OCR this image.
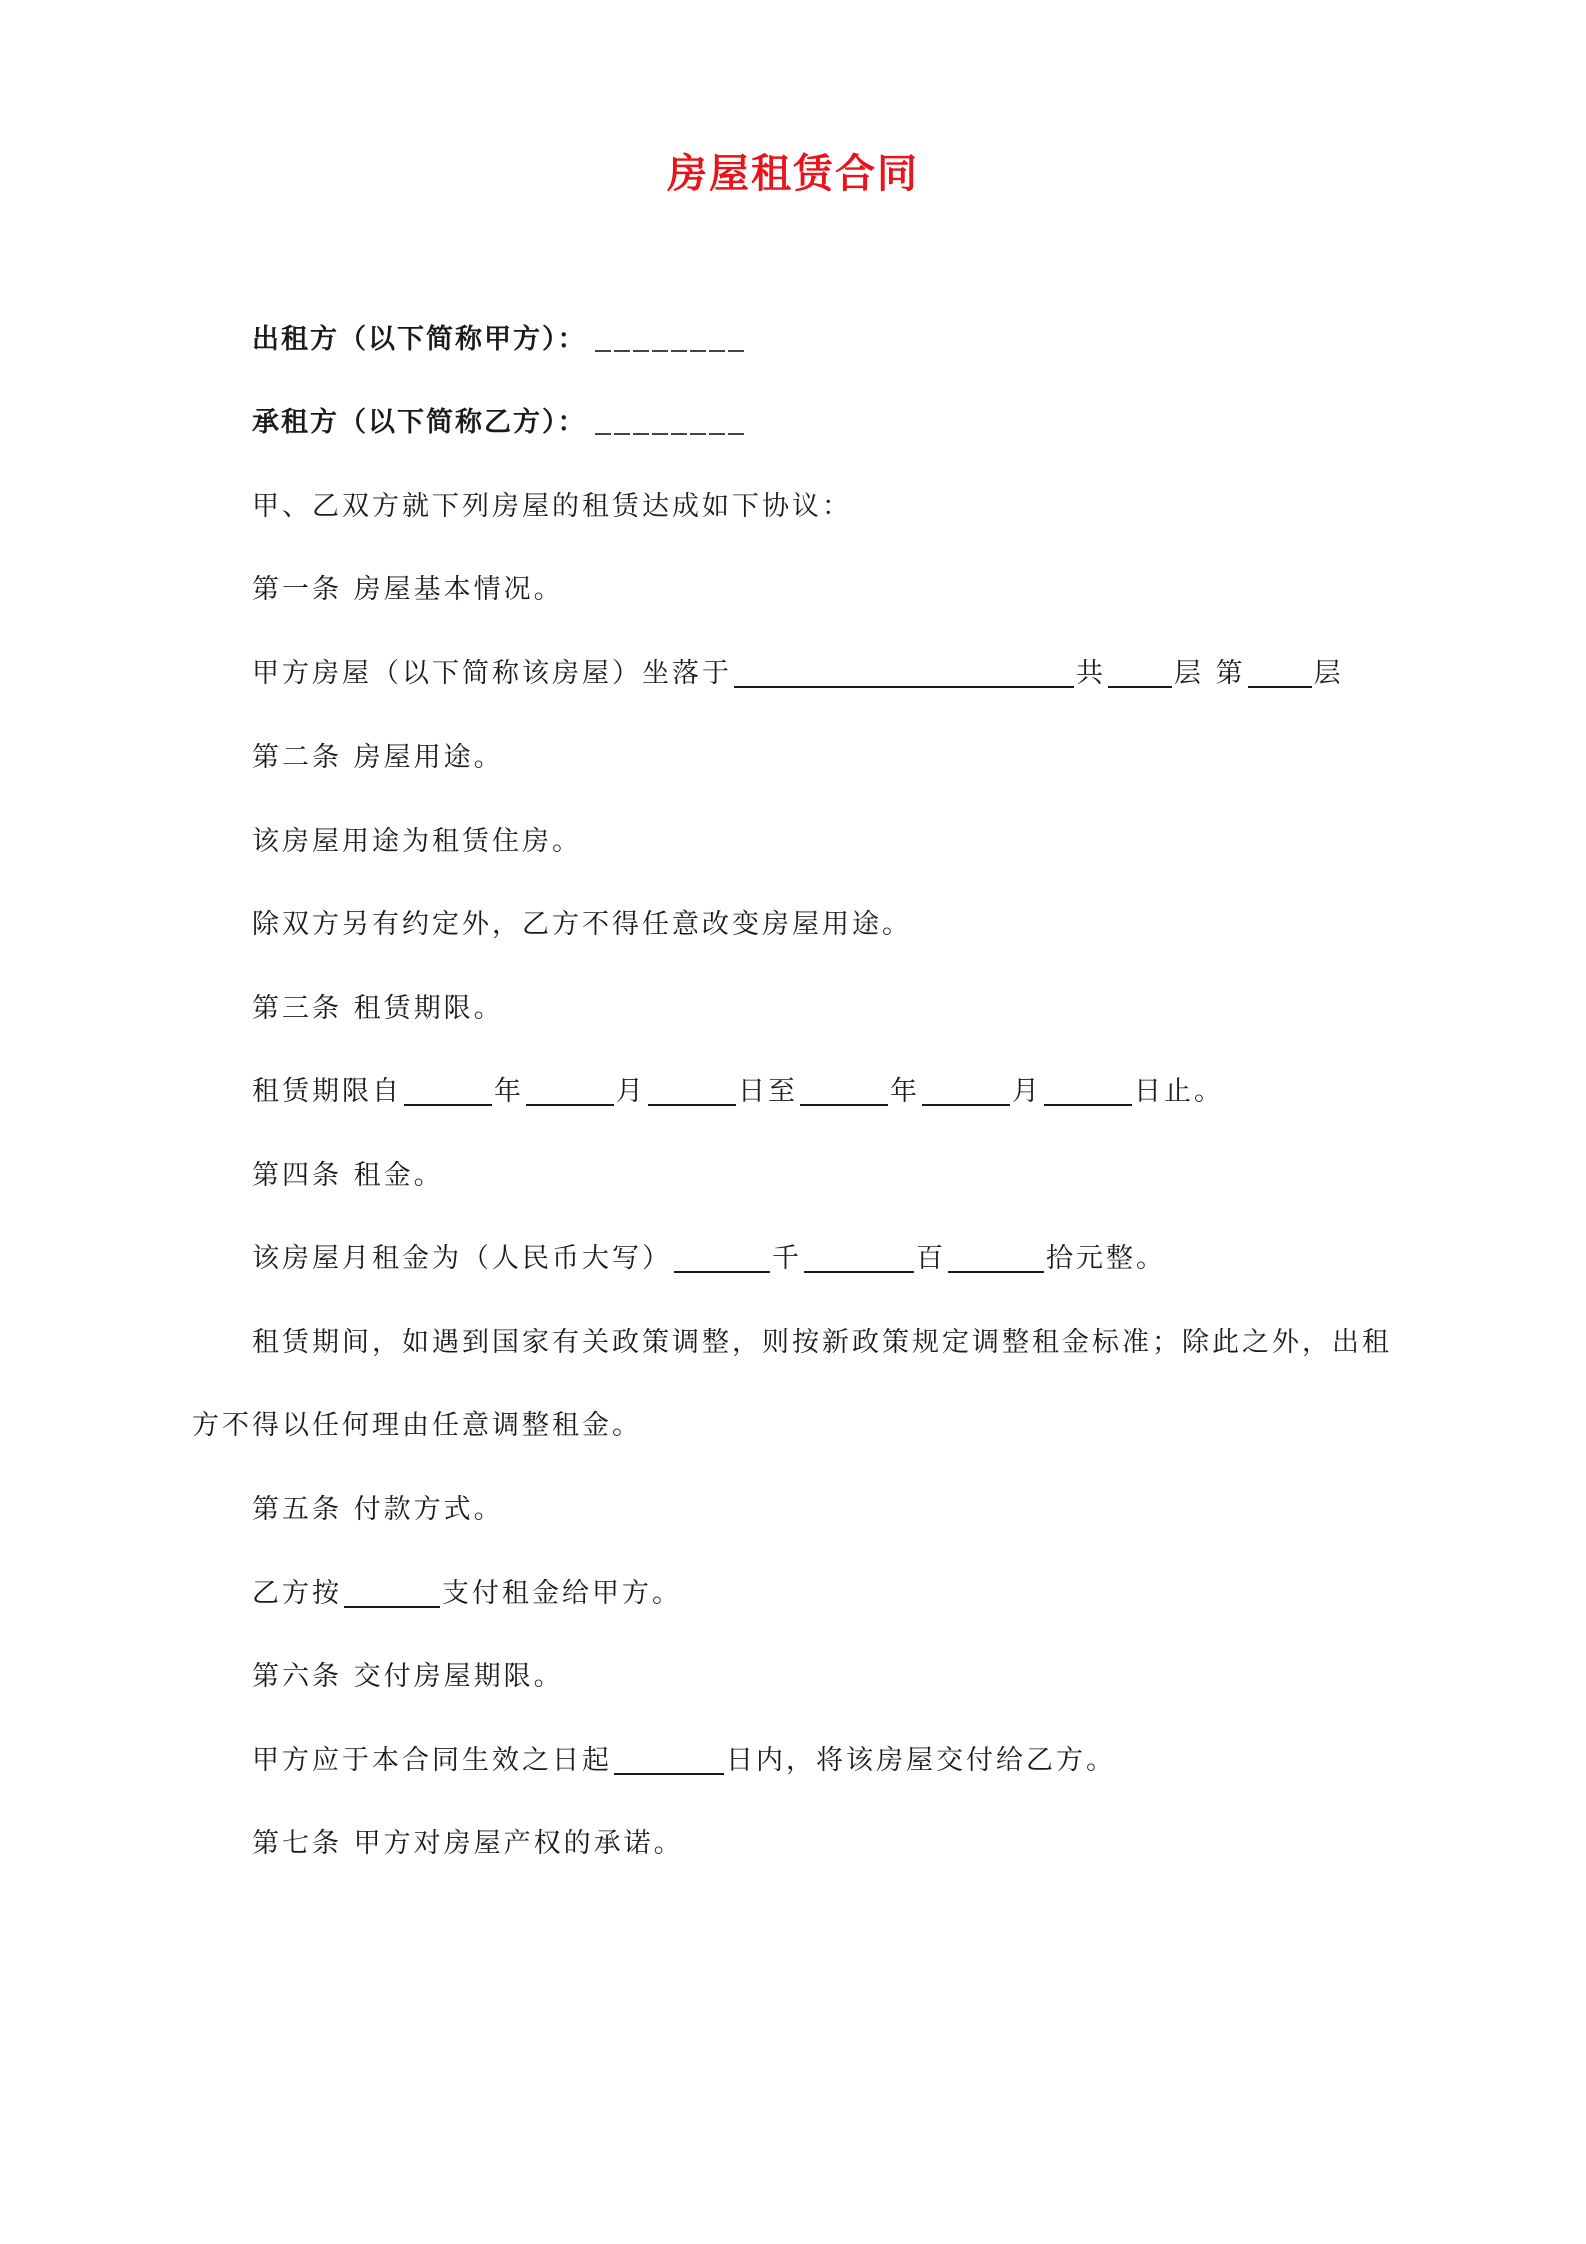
房屋租赁合同
出租方（以下简称甲方）：
承租方（以下简称乙方）：
甲、乙双方就下列房屋的租赁达成如下协议：
第一条 房屋基本情况。
甲方房屋（以下简称该房屋）坐落于	共	层 第	层
第二条 房屋用途。
该房屋用途为租赁住房。
除双方另有约定外，乙方不得任意改变房屋用途。
第三条 租赁期限。
租赁期限自	年	月	日至	年	月	日止。
第四条 租金。
该房屋月租金为（人民币大写）	千	百	拾元整。
租赁期间，如遇到国家有关政策调整，则按新政策规定调整租金标准；除此之外，出租
方不得以任何理由任意调整租金。
第五条 付款方式。
乙方按	支付租金给甲方。
第六条 交付房屋期限。
甲方应于本合同生效之日起	日内，将该房屋交付给乙方。
第七条 甲方对房屋产权的承诺。
